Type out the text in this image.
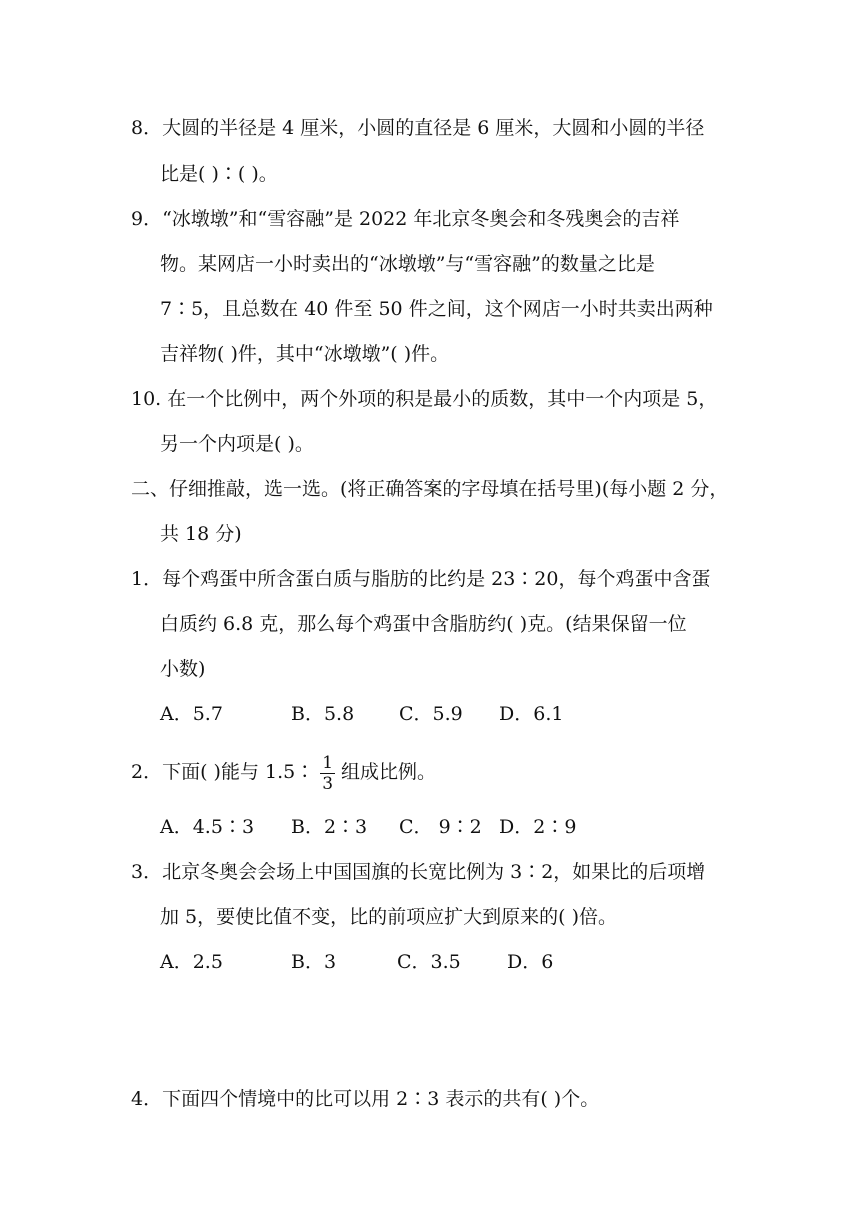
8．大圆的半径是 4 厘米，小圆的直径是 6 厘米，大圆和小圆的半径
比是( )∶( )。
9．“冰墩墩”和“雪容融”是 2022 年北京冬奥会和冬残奥会的吉祥
物。某网店一小时卖出的“冰墩墩”与“雪容融”的数量之比是
7∶5，且总数在 40 件至 50 件之间，这个网店一小时共卖出两种
吉祥物( )件，其中“冰墩墩”( )件。
10. 在一个比例中，两个外项的积是最小的质数，其中一个内项是 5，
另一个内项是( )。
二、仔细推敲，选一选。(将正确答案的字母填在括号里)(每小题 2 分，
共 18 分)
1．每个鸡蛋中所含蛋白质与脂肪的比约是 23∶20，每个鸡蛋中含蛋
白质约 6.8 克，那么每个鸡蛋中含脂肪约( )克。(结果保留一位
小数)
A．5.7	B．5.8 C．5.9 D．6.1
2．下面( )能与 1.5∶ $\frac{1}{3}$ 组成比例。
A．4.5∶3 B．2∶3 C． 9∶2 D．2∶9
3．北京冬奥会会场上中国国旗的长宽比例为 3∶2，如果比的后项增
加 5，要使比值不变，比的前项应扩大到原来的( )倍。
A．2.5	B．3	C．3.5 D．6
4．下面四个情境中的比可以用 2∶3 表示的共有( )个。
